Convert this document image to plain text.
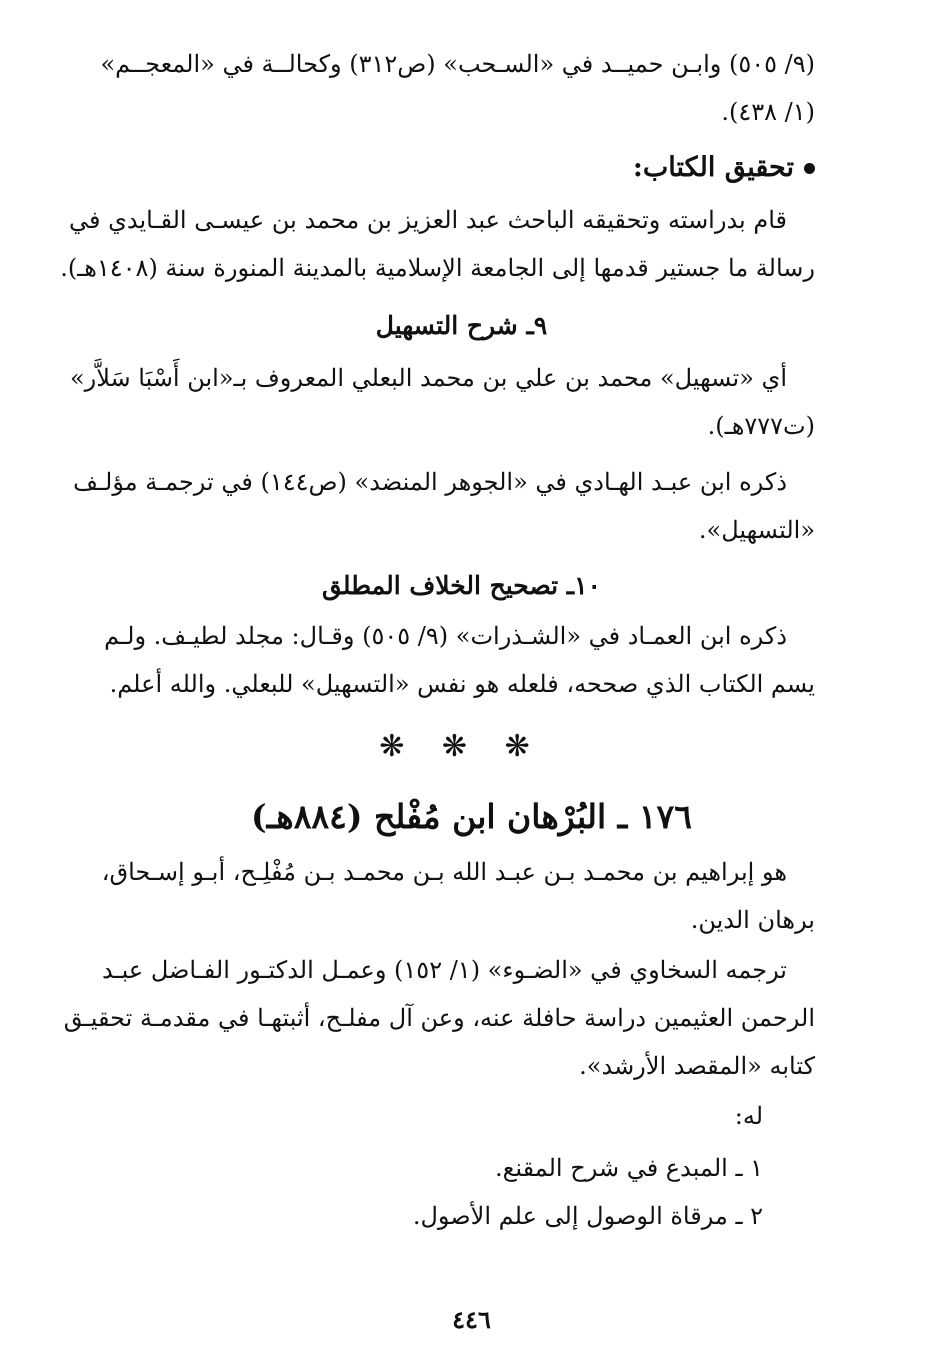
(٩/ ٥٠٥) وابـن حميــد في «السـحب» (ص٣١٢) وكحالــة في «المعجــم»
(١/ ٤٣٨).
تحقيق الكتاب:
قام بدراسته وتحقيقه الباحث عبد العزيز بن محمد بن عيسـى القـايدي في
رسالة ما جستير قدمها إلى الجامعة الإسلامية بالمدينة المنورة سنة (١٤٠٨هـ).
٩ـ شرح التسهيل
أي «تسهيل» محمد بن علي بن محمد البعلي المعروف بـ«ابن أَسْبَا سَلاَّر»
(ت٧٧٧هـ).
ذكره ابن عبـد الهـادي في «الجوهر المنضد» (ص١٤٤) في ترجمـة مؤلـف
«التسهيل».
١٠ـ تصحيح الخلاف المطلق
ذكره ابن العمـاد في «الشـذرات» (٩/ ٥٠٥) وقـال: مجلد لطيـف. ولـم
يسم الكتاب الذي صححه، فلعله هو نفس «التسهيل» للبعلي. والله أعلم.
❋ ❋ ❋
١٧٦ ـ البُرْهان ابن مُفْلح (٨٨٤هـ)
هو إبراهيم بن محمـد بـن عبـد الله بـن محمـد بـن مُفْلِـح، أبـو إسـحاق،
برهان الدين.
ترجمه السخاوي في «الضـوء» (١/ ١٥٢) وعمـل الدكتـور الفـاضل عبـد
الرحمن العثيمين دراسة حافلة عنه، وعن آل مفلـح، أثبتهـا في مقدمـة تحقيـق
كتابه «المقصد الأرشد».
له:
١ ـ المبدع في شرح المقنع.
٢ ـ مرقاة الوصول إلى علم الأصول.
٤٤٦
